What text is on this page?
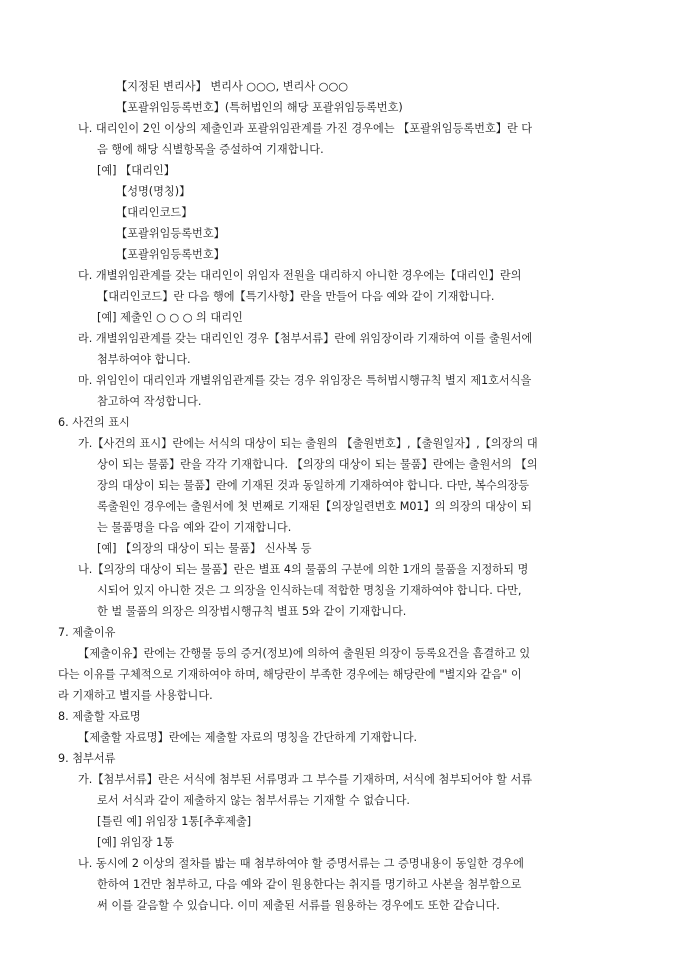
【지정된 변리사】 변리사 ○○○, 변리사 ○○○
【포괄위임등록번호】(특허법인의 해당 포괄위임등록번호)
나. 대리인이 2인 이상의 제출인과 포괄위임관계를 가진 경우에는 【포괄위임등록번호】란 다
음 행에 해당 식별항목을 증설하여 기재합니다.
[예] 【대리인】
【성명(명칭)】
【대리인코드】
【포괄위임등록번호】
【포괄위임등록번호】
다. 개별위임관계를 갖는 대리인이 위임자 전원을 대리하지 아니한 경우에는【대리인】란의
【대리인코드】란 다음 행에【특기사항】란을 만들어 다음 예와 같이 기재합니다.
[예] 제출인 ○ ○ ○ 의 대리인
라. 개별위임관계를 갖는 대리인인 경우【첨부서류】란에 위임장이라 기재하여 이를 출원서에
첨부하여야 합니다.
마. 위임인이 대리인과 개별위임관계를 갖는 경우 위임장은 특허법시행규칙 별지 제1호서식을
참고하여 작성합니다.
6. 사건의 표시
가.【사건의 표시】란에는 서식의 대상이 되는 출원의 【출원번호】,【출원일자】,【의장의 대
상이 되는 물품】란을 각각 기재합니다. 【의장의 대상이 되는 물품】란에는 출원서의 【의
장의 대상이 되는 물품】란에 기재된 것과 동일하게 기재하여야 합니다. 다만, 복수의장등
록출원인 경우에는 출원서에 첫 번째로 기재된【의장일련번호 M01】의 의장의 대상이 되
는 물품명을 다음 예와 같이 기재합니다.
[예] 【의장의 대상이 되는 물품】 신사복 등
나.【의장의 대상이 되는 물품】란은 별표 4의 물품의 구분에 의한 1개의 물품을 지정하되 명
시되어 있지 아니한 것은 그 의장을 인식하는데 적합한 명칭을 기재하여야 합니다. 다만,
한 벌 물품의 의장은 의장법시행규칙 별표 5와 같이 기재합니다.
7. 제출이유
【제출이유】란에는 간행물 등의 증거(정보)에 의하여 출원된 의장이 등록요건을 흠결하고 있
다는 이유를 구체적으로 기재하여야 하며, 해당란이 부족한 경우에는 해당란에 "별지와 같음" 이
라 기재하고 별지를 사용합니다.
8. 제출할 자료명
【제출할 자료명】란에는 제출할 자료의 명칭을 간단하게 기재합니다.
9. 첨부서류
가.【첨부서류】란은 서식에 첨부된 서류명과 그 부수를 기재하며, 서식에 첨부되어야 할 서류
로서 서식과 같이 제출하지 않는 첨부서류는 기재할 수 없습니다.
[틀린 예] 위임장 1통[추후제출]
[예] 위임장 1통
나. 동시에 2 이상의 절차를 밟는 때 첨부하여야 할 증명서류는 그 증명내용이 동일한 경우에
한하여 1건만 첨부하고, 다음 예와 같이 원용한다는 취지를 명기하고 사본을 첨부함으로
써 이를 갈음할 수 있습니다. 이미 제출된 서류를 원용하는 경우에도 또한 같습니다.
